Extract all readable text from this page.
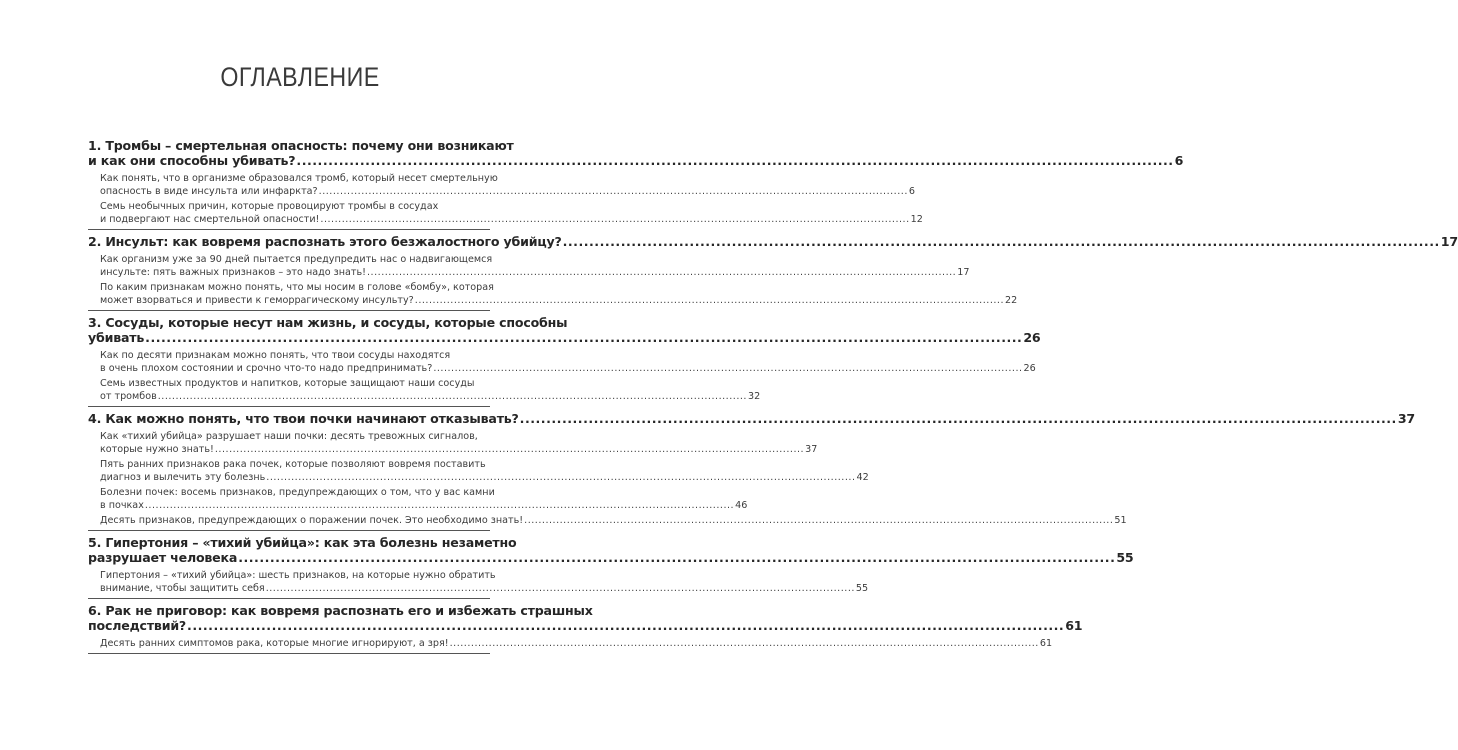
ОГЛАВЛЕНИЕ
1. Тромбы – смертельная опасность: почему они возникают
и как они способны убивать? .....	6
Как понять, что в организме образовался тромб, который несет смертельную
опасность в виде инсульта или инфаркта? .....	6
Семь необычных причин, которые провоцируют тромбы в сосудах
и подвергают нас смертельной опасности! .....	12
2. Инсульт: как вовремя распознать этого безжалостного убийцу? .....	17
Как организм уже за 90 дней пытается предупредить нас о надвигающемся
инсульте: пять важных признаков – это надо знать! .....	17
По каким признакам можно понять, что мы носим в голове «бомбу», которая
может взорваться и привести к геморрагическому инсульту? .....	22
3. Сосуды, которые несут нам жизнь, и сосуды, которые способны
убивать .....	26
Как по десяти признакам можно понять, что твои сосуды находятся
в очень плохом состоянии и срочно что-то надо предпринимать? .....	26
Семь известных продуктов и напитков, которые защищают наши сосуды
от тромбов .....	32
4. Как можно понять, что твои почки начинают отказывать? .....	37
Как «тихий убийца» разрушает наши почки: десять тревожных сигналов,
которые нужно знать! .....	37
Пять ранних признаков рака почек, которые позволяют вовремя поставить
диагноз и вылечить эту болезнь .....	42
Болезни почек: восемь признаков, предупреждающих о том, что у вас камни
в почках .....	46
Десять признаков, предупреждающих о поражении почек. Это необходимо знать! .....	51
5. Гипертония – «тихий убийца»: как эта болезнь незаметно
разрушает человека .....	55
Гипертония – «тихий убийца»: шесть признаков, на которые нужно обратить
внимание, чтобы защитить себя .....	55
6. Рак не приговор: как вовремя распознать его и избежать страшных
последствий? .....	61
Десять ранних симптомов рака, которые многие игнорируют, а зря! .....	61
